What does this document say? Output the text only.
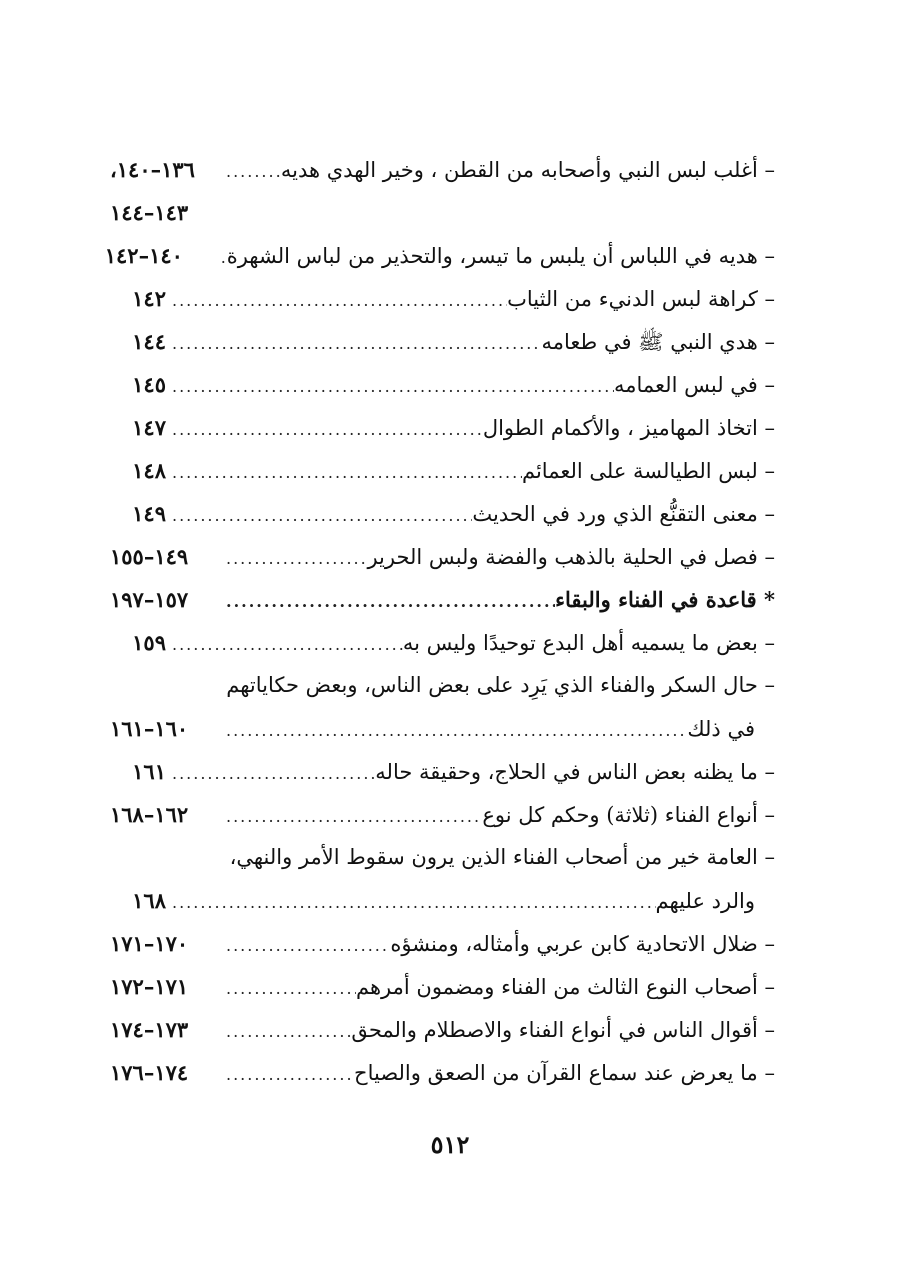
– أغلب لبس النبي وأصحابه من القطن ، وخير الهدي هديه
.....
١٣٦–١٤٠،
١٤٣–١٤٤
– هديه في اللباس أن يلبس ما تيسر، والتحذير من لباس الشهرة
.....
١٤٠–١٤٢
– كراهة لبس الدنيء من الثياب
.....
١٤٢
– هدي النبي ﷺ في طعامه
.....
١٤٤
– في لبس العمامه
.....
١٤٥
– اتخاذ المهاميز ، والأكمام الطوال
.....
١٤٧
– لبس الطيالسة على العمائم
.....
١٤٨
– معنى التقنُّع الذي ورد في الحديث
.....
١٤٩
– فصل في الحلية بالذهب والفضة ولبس الحرير
.....
١٤٩–١٥٥
* قاعدة في الفناء والبقاء
.....
١٥٧–١٩٧
– بعض ما يسميه أهل البدع توحيدًا وليس به
.....
١٥٩
– حال السكر والفناء الذي يَرِد على بعض الناس، وبعض حكاياتهم
في ذلك
.....
١٦٠–١٦١
– ما يظنه بعض الناس في الحلاج، وحقيقة حاله
.....
١٦١
– أنواع الفناء (ثلاثة) وحكم كل نوع
.....
١٦٢–١٦٨
– العامة خير من أصحاب الفناء الذين يرون سقوط الأمر والنهي،
والرد عليهم
.....
١٦٨
– ضلال الاتحادية كابن عربي وأمثاله، ومنشؤه
.....
١٧٠–١٧١
– أصحاب النوع الثالث من الفناء ومضمون أمرهم
.....
١٧١–١٧٢
– أقوال الناس في أنواع الفناء والاصطلام والمحق
.....
١٧٣–١٧٤
– ما يعرض عند سماع القرآن من الصعق والصياح
.....
١٧٤–١٧٦
٥١٢
